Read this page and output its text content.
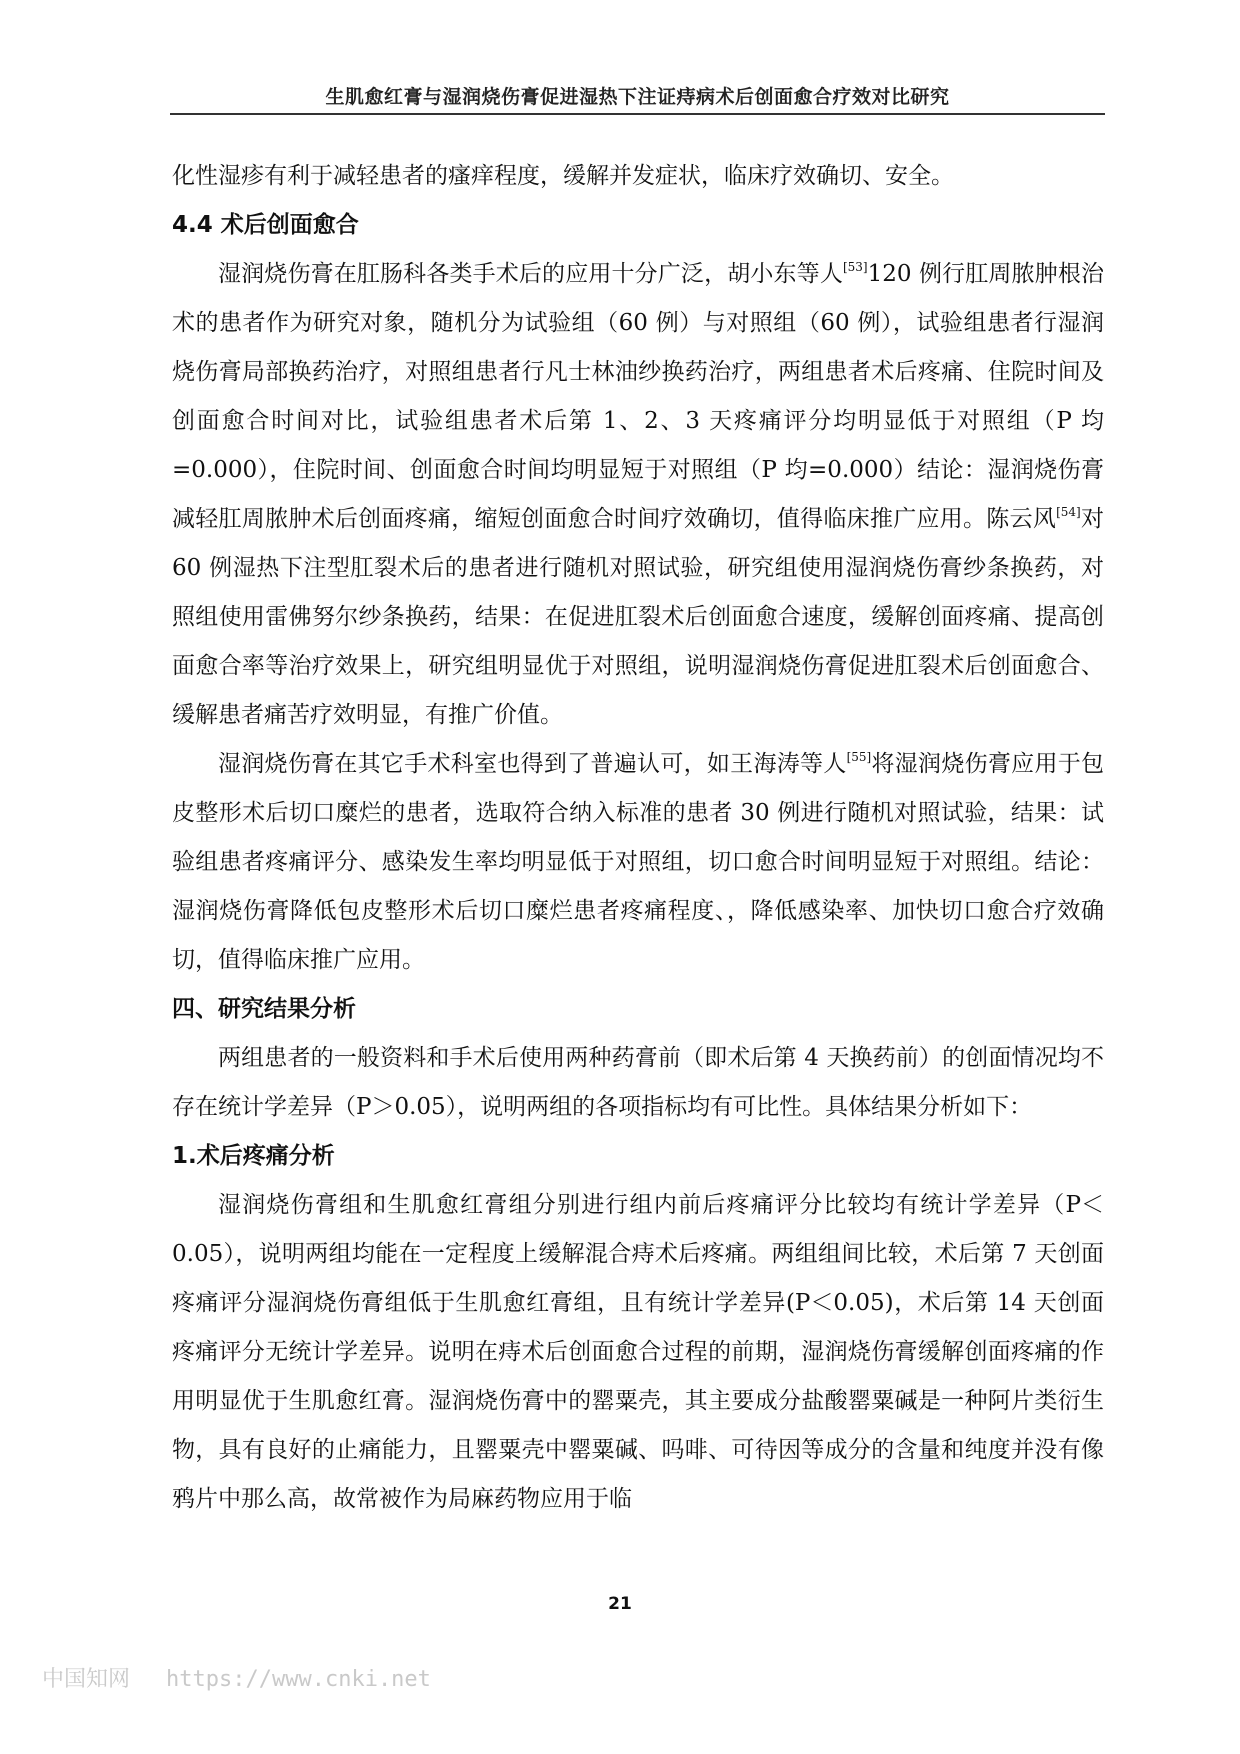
生肌愈红膏与湿润烧伤膏促进湿热下注证痔病术后创面愈合疗效对比研究

化性湿疹有利于减轻患者的瘙痒程度，缓解并发症状，临床疗效确切、安全。

4.4 术后创面愈合

湿润烧伤膏在肛肠科各类手术后的应用十分广泛，胡小东等人[53]120 例行肛周脓肿根治术的患者作为研究对象，随机分为试验组（60 例）与对照组（60 例），试验组患者行湿润烧伤膏局部换药治疗，对照组患者行凡士林油纱换药治疗，两组患者术后疼痛、住院时间及创面愈合时间对比，试验组患者术后第 1、2、3 天疼痛评分均明显低于对照组（P 均=0.000），住院时间、创面愈合时间均明显短于对照组（P 均=0.000）结论：湿润烧伤膏减轻肛周脓肿术后创面疼痛，缩短创面愈合时间疗效确切，值得临床推广应用。陈云风[54]对 60 例湿热下注型肛裂术后的患者进行随机对照试验，研究组使用湿润烧伤膏纱条换药，对照组使用雷佛努尔纱条换药，结果：在促进肛裂术后创面愈合速度，缓解创面疼痛、提高创面愈合率等治疗效果上，研究组明显优于对照组，说明湿润烧伤膏促进肛裂术后创面愈合、缓解患者痛苦疗效明显，有推广价值。

湿润烧伤膏在其它手术科室也得到了普遍认可，如王海涛等人[55]将湿润烧伤膏应用于包皮整形术后切口糜烂的患者，选取符合纳入标准的患者 30 例进行随机对照试验，结果：试验组患者疼痛评分、感染发生率均明显低于对照组，切口愈合时间明显短于对照组。结论：湿润烧伤膏降低包皮整形术后切口糜烂患者疼痛程度、，降低感染率、加快切口愈合疗效确切，值得临床推广应用。

四、研究结果分析

两组患者的一般资料和手术后使用两种药膏前（即术后第 4 天换药前）的创面情况均不存在统计学差异（P＞0.05），说明两组的各项指标均有可比性。具体结果分析如下：

1.术后疼痛分析

湿润烧伤膏组和生肌愈红膏组分别进行组内前后疼痛评分比较均有统计学差异（P＜0.05），说明两组均能在一定程度上缓解混合痔术后疼痛。两组组间比较，术后第 7 天创面疼痛评分湿润烧伤膏组低于生肌愈红膏组，且有统计学差异(P＜0.05)，术后第 14 天创面疼痛评分无统计学差异。说明在痔术后创面愈合过程的前期，湿润烧伤膏缓解创面疼痛的作用明显优于生肌愈红膏。湿润烧伤膏中的罂粟壳，其主要成分盐酸罂粟碱是一种阿片类衍生物，具有良好的止痛能力，且罂粟壳中罂粟碱、吗啡、可待因等成分的含量和纯度并没有像鸦片中那么高，故常被作为局麻药物应用于临

21
中国知网 https://www.cnki.net
